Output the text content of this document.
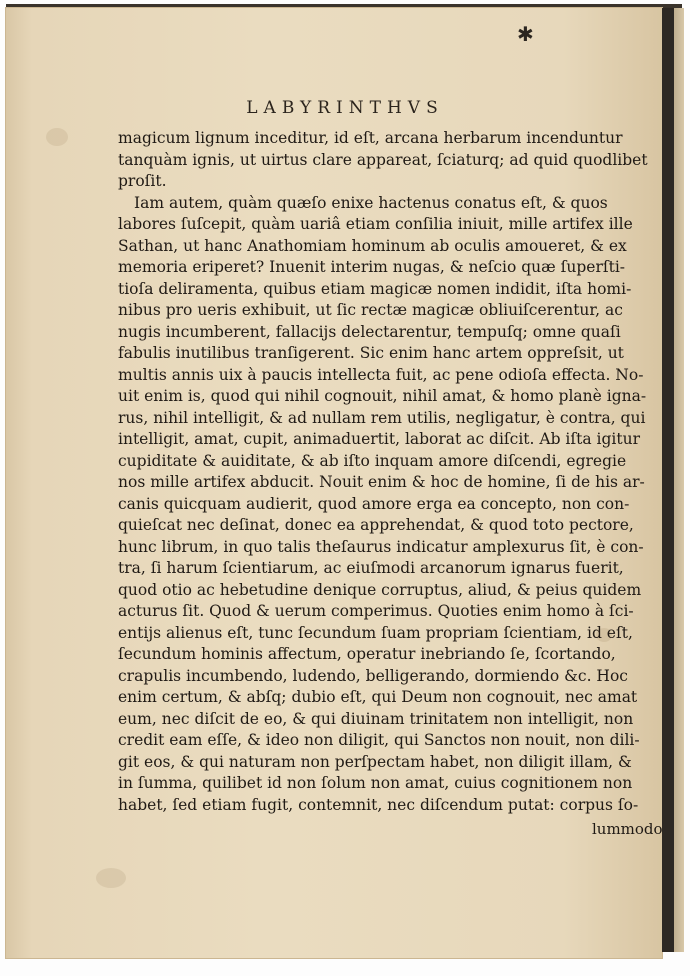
✱
LABYRINTHVS
magicum lignum inceditur, id eſt, arcana herbarum incenduntur
tanquàm ignis, ut uirtus clare appareat, ſciaturq; ad quid quodlibet
proſit.
Iam autem, quàm quæſo enixe hactenus conatus eſt, & quos
labores ſuſcepit, quàm uariâ etiam conſilia iniuit, mille artifex ille
Sathan, ut hanc Anathomiam hominum ab oculis amoueret, & ex
memoria eriperet? Inuenit interim nugas, & neſcio quæ ſuperſti-
tioſa deliramenta, quibus etiam magicæ nomen indidit, iſta homi-
nibus pro ueris exhibuit, ut ſic rectæ magicæ obliuiſcerentur, ac
nugis incumberent, fallacijs delectarentur, tempuſq; omne quaſi
fabulis inutilibus tranſigerent. Sic enim hanc artem oppreſsit, ut
multis annis uix à paucis intellecta fuit, ac pene odioſa effecta. No-
uit enim is, quod qui nihil cognouit, nihil amat, & homo planè igna-
rus, nihil intelligit, & ad nullam rem utilis, negligatur, è contra, qui
intelligit, amat, cupit, animaduertit, laborat ac diſcit. Ab iſta igitur
cupiditate & auiditate, & ab iſto inquam amore diſcendi, egregie
nos mille artifex abducit. Nouit enim & hoc de homine, ſi de his ar-
canis quicquam audierit, quod amore erga ea concepto, non con-
quieſcat nec deſinat, donec ea apprehendat, & quod toto pectore,
hunc librum, in quo talis theſaurus indicatur amplexurus ſit, è con-
tra, ſi harum ſcientiarum, ac eiuſmodi arcanorum ignarus fuerit,
quod otio ac hebetudine denique corruptus, aliud, & peius quidem
acturus ſit. Quod & uerum comperimus. Quoties enim homo à ſci-
entijs alienus eſt, tunc ſecundum ſuam propriam ſcientiam, id eſt,
ſecundum hominis affectum, operatur inebriando ſe, ſcortando,
crapulis incumbendo, ludendo, belligerando, dormiendo &c. Hoc
enim certum, & abſq; dubio eſt, qui Deum non cognouit, nec amat
eum, nec diſcit de eo, & qui diuinam trinitatem non intelligit, non
credit eam eſſe, & ideo non diligit, qui Sanctos non nouit, non dili-
git eos, & qui naturam non perſpectam habet, non diligit illam, &
in ſumma, quilibet id non ſolum non amat, cuius cognitionem non
habet, ſed etiam fugit, contemnit, nec diſcendum putat: corpus ſo-
lummodo
